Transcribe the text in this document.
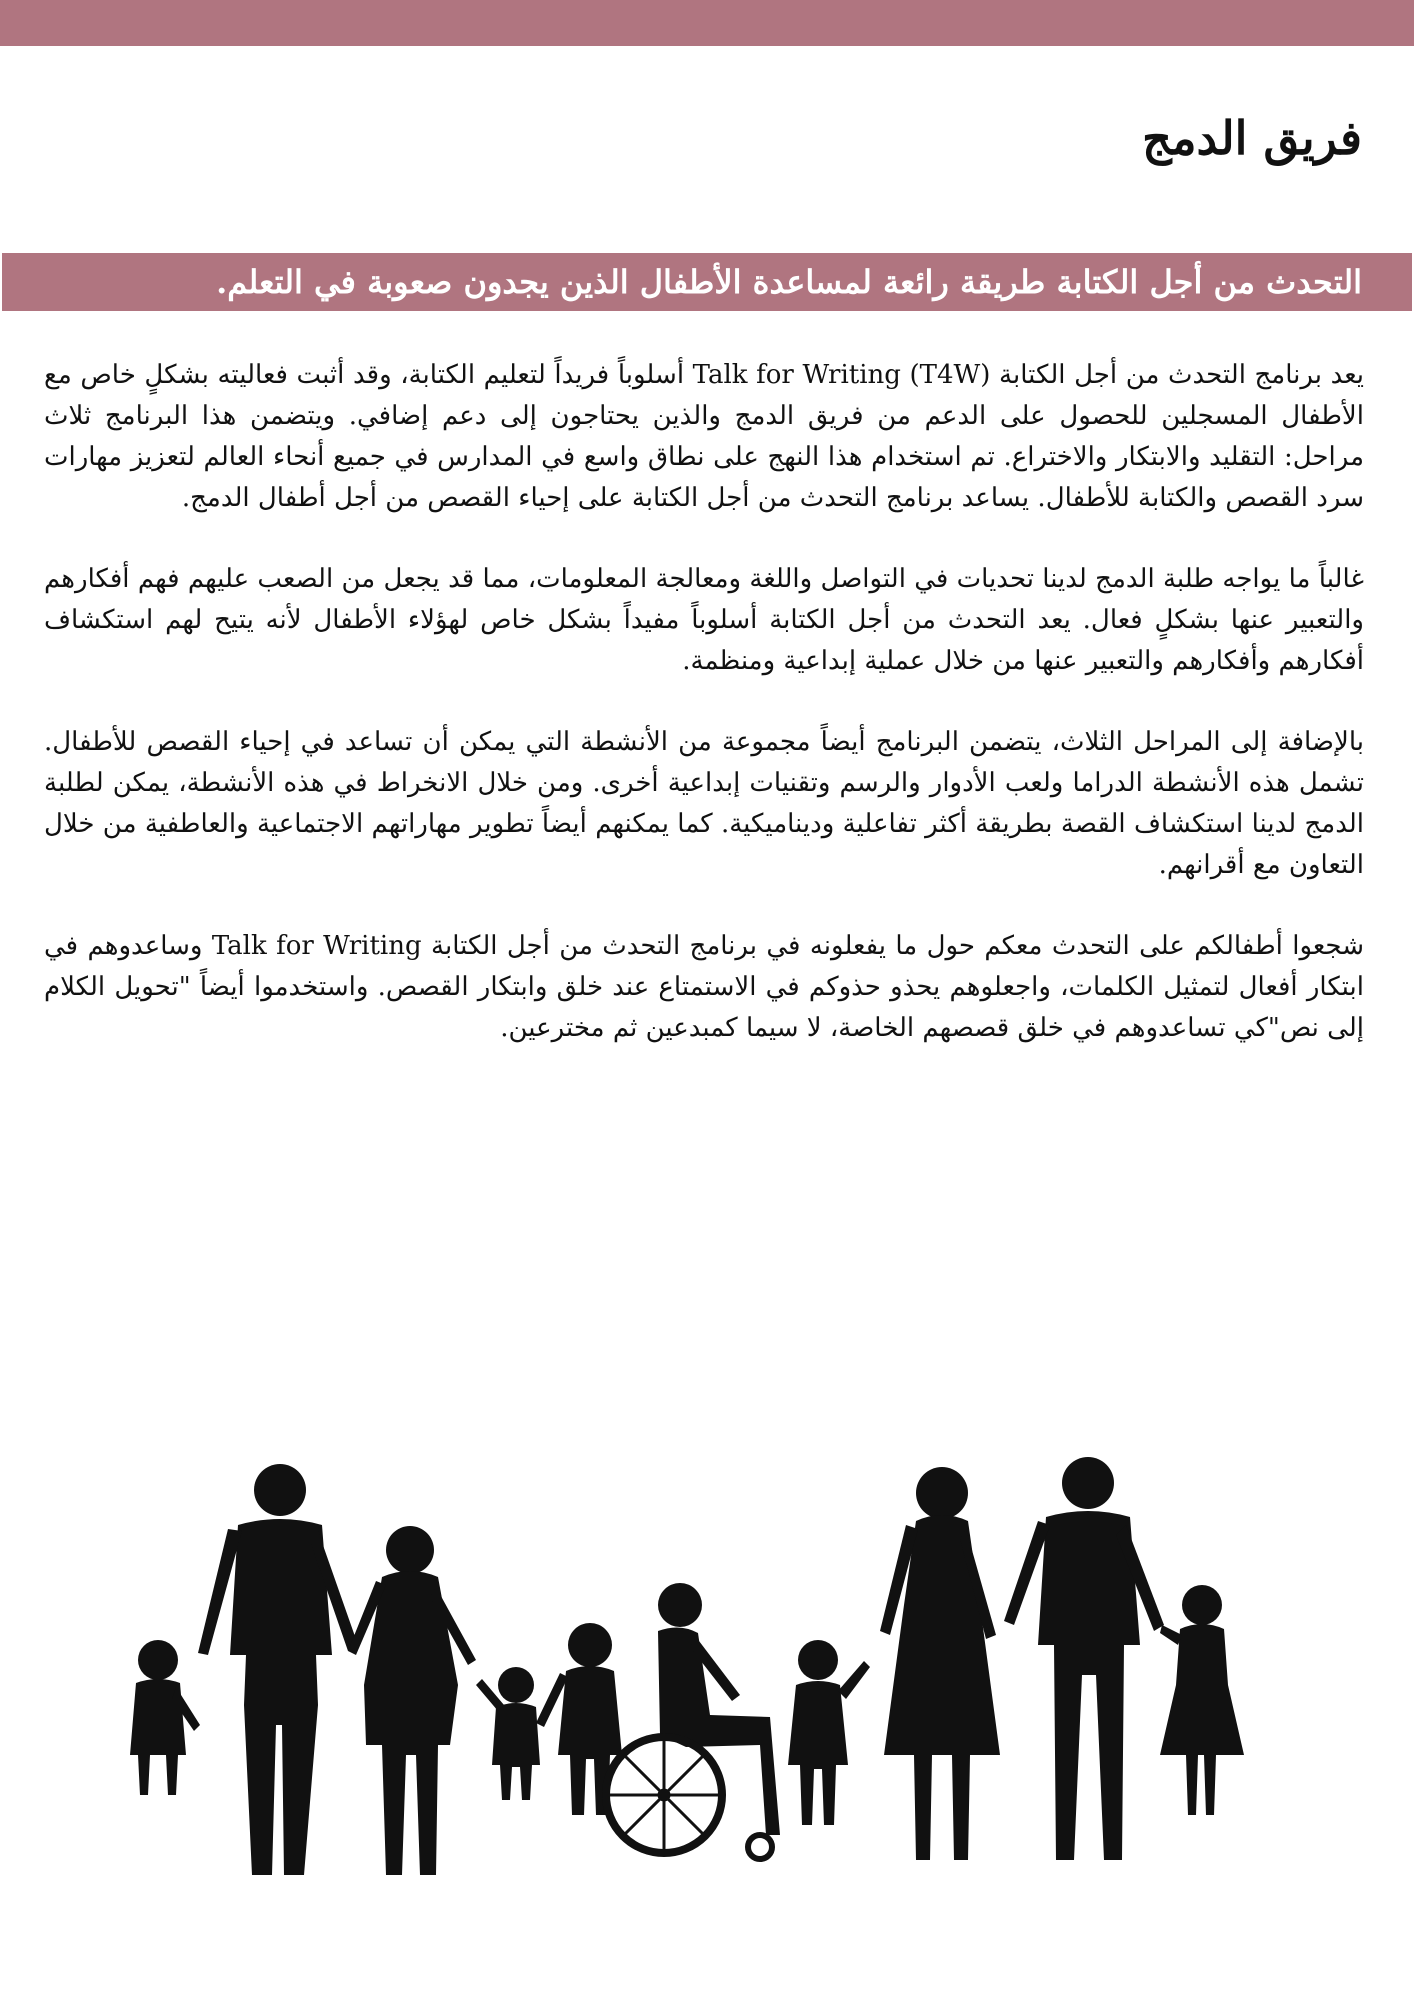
فريق الدمج
التحدث من أجل الكتابة طريقة رائعة لمساعدة الأطفال الذين يجدون صعوبة في التعلم.

يعد برنامج التحدث من أجل الكتابة Talk for Writing (T4W) أسلوباً فريداً لتعليم الكتابة، وقد أثبت فعاليته بشكلٍ خاص مع الأطفال المسجلين للحصول على الدعم من فريق الدمج والذين يحتاجون إلى دعم إضافي. ويتضمن هذا البرنامج ثلاث مراحل: التقليد والابتكار والاختراع. تم استخدام هذا النهج على نطاق واسع في المدارس في جميع أنحاء العالم لتعزيز مهارات سرد القصص والكتابة للأطفال. يساعد برنامج التحدث من أجل الكتابة على إحياء القصص من أجل أطفال الدمج.

غالباً ما يواجه طلبة الدمج لدينا تحديات في التواصل واللغة ومعالجة المعلومات، مما قد يجعل من الصعب عليهم فهم أفكارهم والتعبير عنها بشكلٍ فعال. يعد التحدث من أجل الكتابة أسلوباً مفيداً بشكل خاص لهؤلاء الأطفال لأنه يتيح لهم استكشاف أفكارهم وأفكارهم والتعبير عنها من خلال عملية إبداعية ومنظمة.

بالإضافة إلى المراحل الثلاث، يتضمن البرنامج أيضاً مجموعة من الأنشطة التي يمكن أن تساعد في إحياء القصص للأطفال. تشمل هذه الأنشطة الدراما ولعب الأدوار والرسم وتقنيات إبداعية أخرى. ومن خلال الانخراط في هذه الأنشطة، يمكن لطلبة الدمج لدينا استكشاف القصة بطريقة أكثر تفاعلية وديناميكية. كما يمكنهم أيضاً تطوير مهاراتهم الاجتماعية والعاطفية من خلال التعاون مع أقرانهم.

شجعوا أطفالكم على التحدث معكم حول ما يفعلونه في برنامج التحدث من أجل الكتابة Talk for Writing وساعدوهم في ابتكار أفعال لتمثيل الكلمات، واجعلوهم يحذو حذوكم في الاستمتاع عند خلق وابتكار القصص. واستخدموا أيضاً "تحويل الكلام إلى نص"كي تساعدوهم في خلق قصصهم الخاصة، لا سيما كمبدعين ثم مخترعين.
